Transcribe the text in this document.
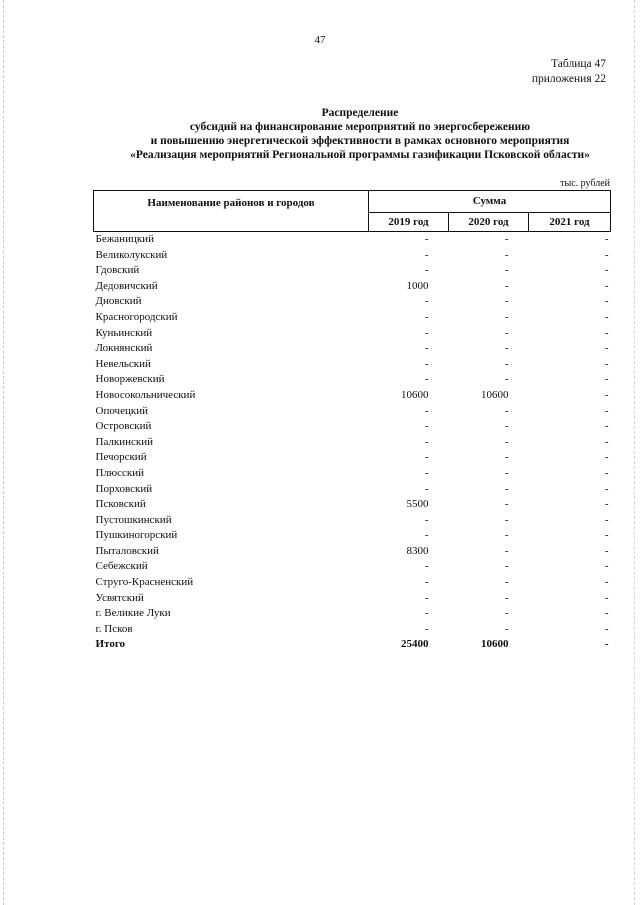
47
Таблица 47
приложения 22
Распределение
субсидий на финансирование мероприятий по энергосбережению
и повышению энергетической эффективности в рамках основного мероприятия
«Реализация мероприятий Региональной программы газификации Псковской области»
тыс. рублей
Наименование районов и городов	Сумма		
	2019 год	2020 год	2021 год
Бежаницкий	-	-	-
Великолукский	-	-	-
Гдовский	-	-	-
Дедовичский	1000	-	-
Дновский	-	-	-
Красногородский	-	-	-
Куньинский	-	-	-
Локнянский	-	-	-
Невельский	-	-	-
Новоржевский	-	-	-
Новосокольнический	10600	10600	-
Опочецкий	-	-	-
Островский	-	-	-
Палкинский	-	-	-
Печорский	-	-	-
Плюсский	-	-	-
Порховский	-	-	-
Псковский	5500	-	-
Пустошкинский	-	-	-
Пушкиногорский	-	-	-
Пыталовский	8300	-	-
Себежский	-	-	-
Струго-Красненский	-	-	-
Усвятский	-	-	-
г. Великие Луки	-	-	-
г. Псков	-	-	-
Итого	25400	10600	-
